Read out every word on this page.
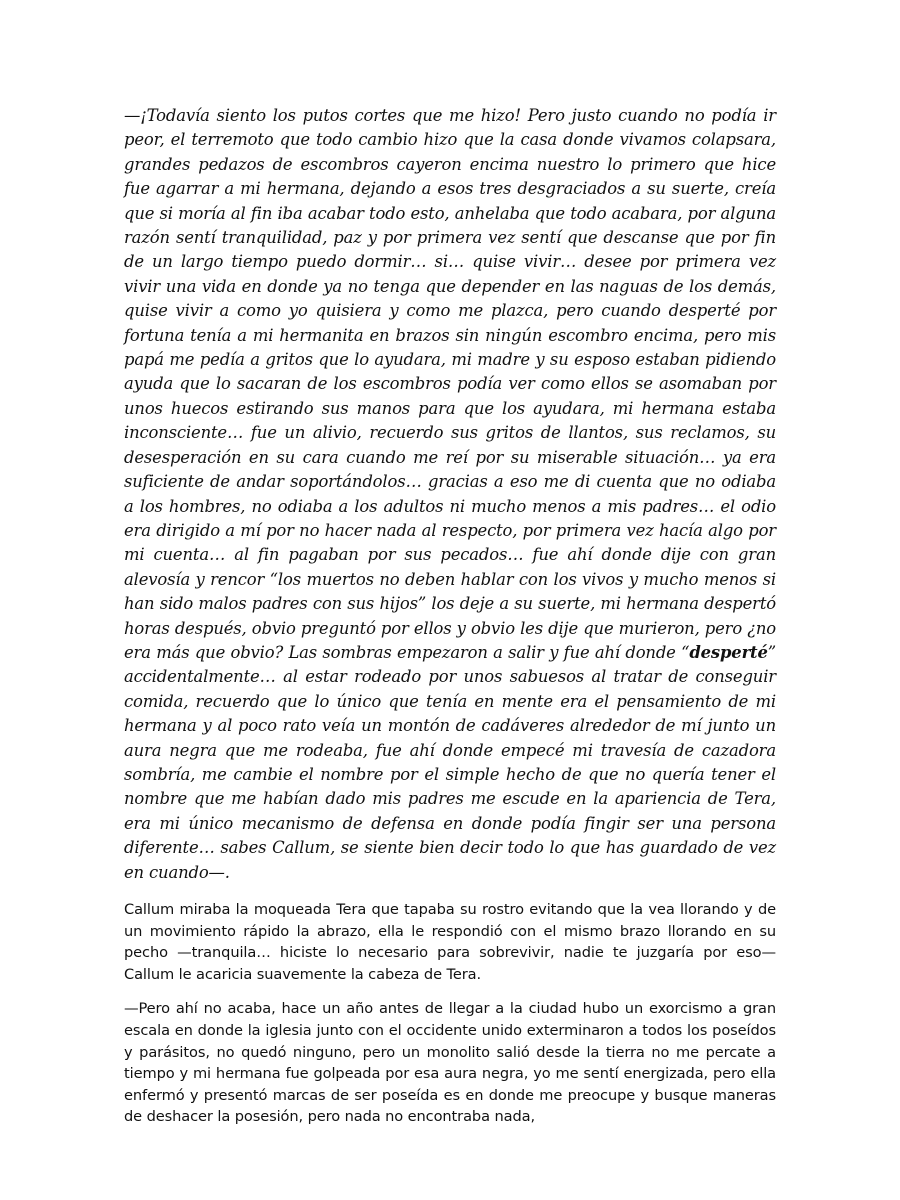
—¡Todavía siento los putos cortes que me hizo! Pero justo cuando no podía ir peor, el terremoto que todo cambio hizo que la casa donde vivamos colapsara, grandes pedazos de escombros cayeron encima nuestro lo primero que hice fue agarrar a mi hermana, dejando a esos tres desgraciados a su suerte, creía que si moría al fin iba acabar todo esto, anhelaba que todo acabara, por alguna razón sentí tranquilidad, paz y por primera vez sentí que descanse que por fin de un largo tiempo puedo dormir… si… quise vivir… desee por primera vez vivir una vida en donde ya no tenga que depender en las naguas de los demás, quise vivir a como yo quisiera y como me plazca, pero cuando desperté por fortuna tenía a mi hermanita en brazos sin ningún escombro encima, pero mis papá me pedía a gritos que lo ayudara, mi madre y su esposo estaban pidiendo ayuda que lo sacaran de los escombros podía ver como ellos se asomaban por unos huecos estirando sus manos para que los ayudara, mi hermana estaba inconsciente… fue un alivio, recuerdo sus gritos de llantos, sus reclamos, su desesperación en su cara cuando me reí por su miserable situación… ya era suficiente de andar soportándolos… gracias a eso me di cuenta que no odiaba a los hombres, no odiaba a los adultos ni mucho menos a mis padres… el odio era dirigido a mí por no hacer nada al respecto, por primera vez hacía algo por mi cuenta… al fin pagaban por sus pecados… fue ahí donde dije con gran alevosía y rencor “los muertos no deben hablar con los vivos y mucho menos si han sido malos padres con sus hijos” los deje a su suerte, mi hermana despertó horas después, obvio preguntó por ellos y obvio les dije que murieron, pero ¿no era más que obvio? Las sombras empezaron a salir y fue ahí donde “desperté” accidentalmente… al estar rodeado por unos sabuesos al tratar de conseguir comida, recuerdo que lo único que tenía en mente era el pensamiento de mi hermana y al poco rato veía un montón de cadáveres alrededor de mí junto un aura negra que me rodeaba, fue ahí donde empecé mi travesía de cazadora sombría, me cambie el nombre por el simple hecho de que no quería tener el nombre que me habían dado mis padres me escude en la apariencia de Tera, era mi único mecanismo de defensa en donde podía fingir ser una persona diferente… sabes Callum, se siente bien decir todo lo que has guardado de vez en cuando—.

Callum miraba la moqueada Tera que tapaba su rostro evitando que la vea llorando y de un movimiento rápido la abrazo, ella le respondió con el mismo brazo llorando en su pecho —tranquila… hiciste lo necesario para sobrevivir, nadie te juzgaría por eso— Callum le acaricia suavemente la cabeza de Tera.

—Pero ahí no acaba, hace un año antes de llegar a la ciudad hubo un exorcismo a gran escala en donde la iglesia junto con el occidente unido exterminaron a todos los poseídos y parásitos, no quedó ninguno, pero un monolito salió desde la tierra no me percate a tiempo y mi hermana fue golpeada por esa aura negra, yo me sentí energizada, pero ella enfermó y presentó marcas de ser poseída es en donde me preocupe y busque maneras de deshacer la posesión, pero nada no encontraba nada,
